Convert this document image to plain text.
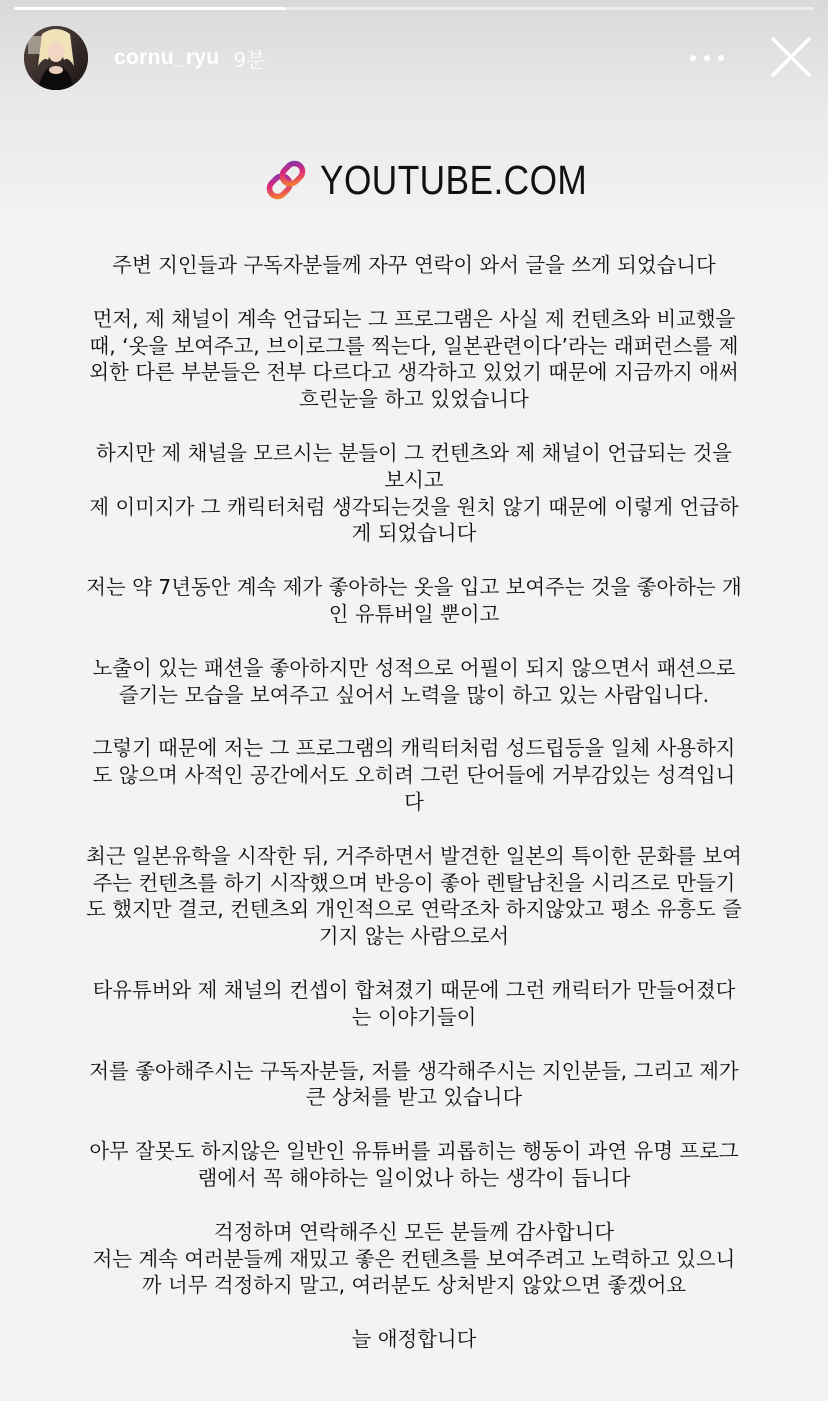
cornu_ryu 9분
YOUTUBE.COM

주변 지인들과 구독자분들께 자꾸 연락이 와서 글을 쓰게 되었습니다

먼저, 제 채널이 계속 언급되는 그 프로그램은 사실 제 컨텐츠와 비교했을
때, ‘옷을 보여주고, 브이로그를 찍는다, 일본관련이다’라는 래퍼런스를 제
외한 다른 부분들은 전부 다르다고 생각하고 있었기 때문에 지금까지 애써
흐린눈을 하고 있었습니다

하지만 제 채널을 모르시는 분들이 그 컨텐츠와 제 채널이 언급되는 것을
보시고
제 이미지가 그 캐릭터처럼 생각되는것을 원치 않기 때문에 이렇게 언급하
게 되었습니다

저는 약 7년동안 계속 제가 좋아하는 옷을 입고 보여주는 것을 좋아하는 개
인 유튜버일 뿐이고

노출이 있는 패션을 좋아하지만 성적으로 어필이 되지 않으면서 패션으로
즐기는 모습을 보여주고 싶어서 노력을 많이 하고 있는 사람입니다.

그렇기 때문에 저는 그 프로그램의 캐릭터처럼 성드립등을 일체 사용하지
도 않으며 사적인 공간에서도 오히려 그런 단어들에 거부감있는 성격입니
다

최근 일본유학을 시작한 뒤, 거주하면서 발견한 일본의 특이한 문화를 보여
주는 컨텐츠를 하기 시작했으며 반응이 좋아 렌탈남친을 시리즈로 만들기
도 했지만 결코, 컨텐츠외 개인적으로 연락조차 하지않았고 평소 유흥도 즐
기지 않는 사람으로서

타유튜버와 제 채널의 컨셉이 합쳐졌기 때문에 그런 캐릭터가 만들어졌다
는 이야기들이

저를 좋아해주시는 구독자분들, 저를 생각해주시는 지인분들, 그리고 제가
큰 상처를 받고 있습니다

아무 잘못도 하지않은 일반인 유튜버를 괴롭히는 행동이 과연 유명 프로그
램에서 꼭 해야하는 일이었나 하는 생각이 듭니다

걱정하며 연락해주신 모든 분들께 감사합니다
저는 계속 여러분들께 재밌고 좋은 컨텐츠를 보여주려고 노력하고 있으니
까 너무 걱정하지 말고, 여러분도 상처받지 않았으면 좋겠어요

늘 애정합니다
